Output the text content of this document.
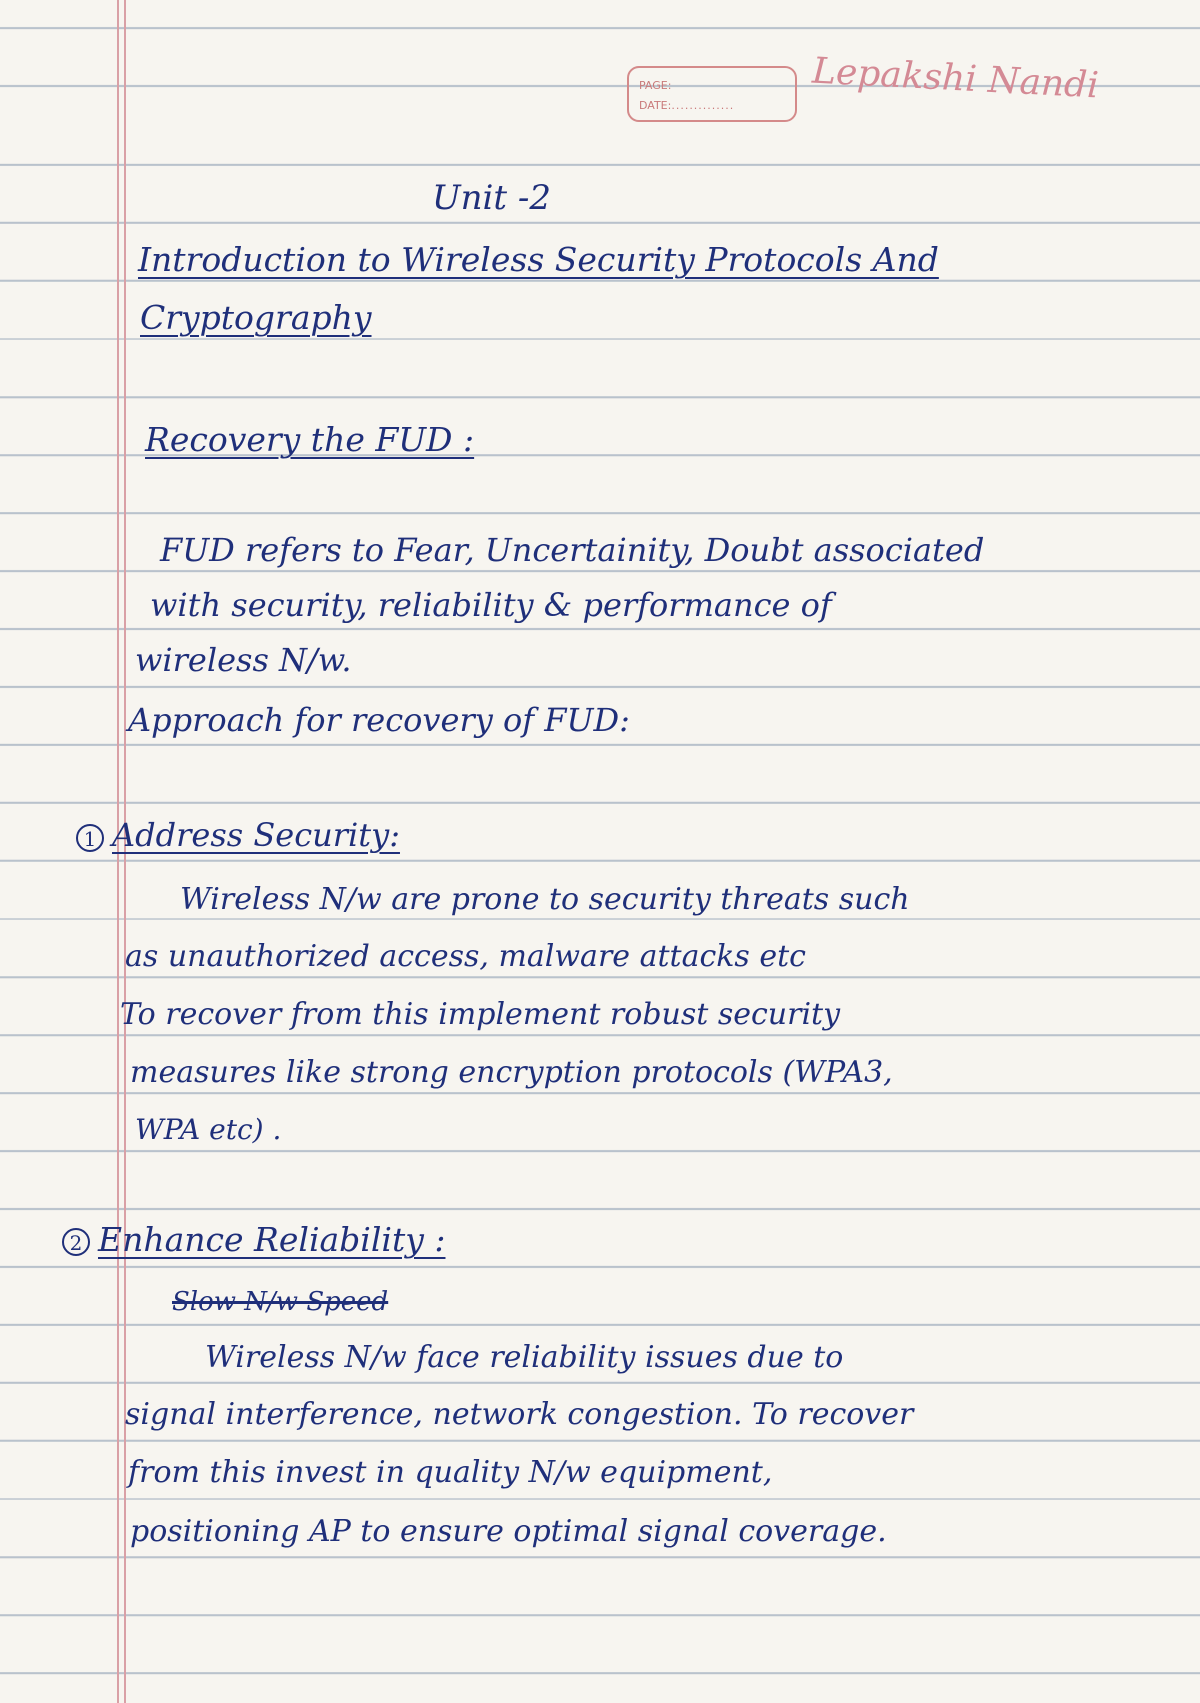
PAGE:
DATE:..............	Lepakshi Nandi
Unit -2
Introduction to Wireless Security Protocols And
Cryptography
Recovery the FUD :
FUD refers to Fear, Uncertainity, Doubt associated
with security, reliability & performance of
wireless N/w.
Approach for recovery of FUD:
1 Address Security:
Wireless N/w are prone to security threats such
as unauthorized access, malware attacks etc
To recover from this implement robust security
measures like strong encryption protocols (WPA3,
WPA etc) .
2 Enhance Reliability :
Slow N/w Speed
Wireless N/w face reliability issues due to
signal interference, network congestion. To recover
from this invest in quality N/w equipment,
positioning AP to ensure optimal signal coverage.
